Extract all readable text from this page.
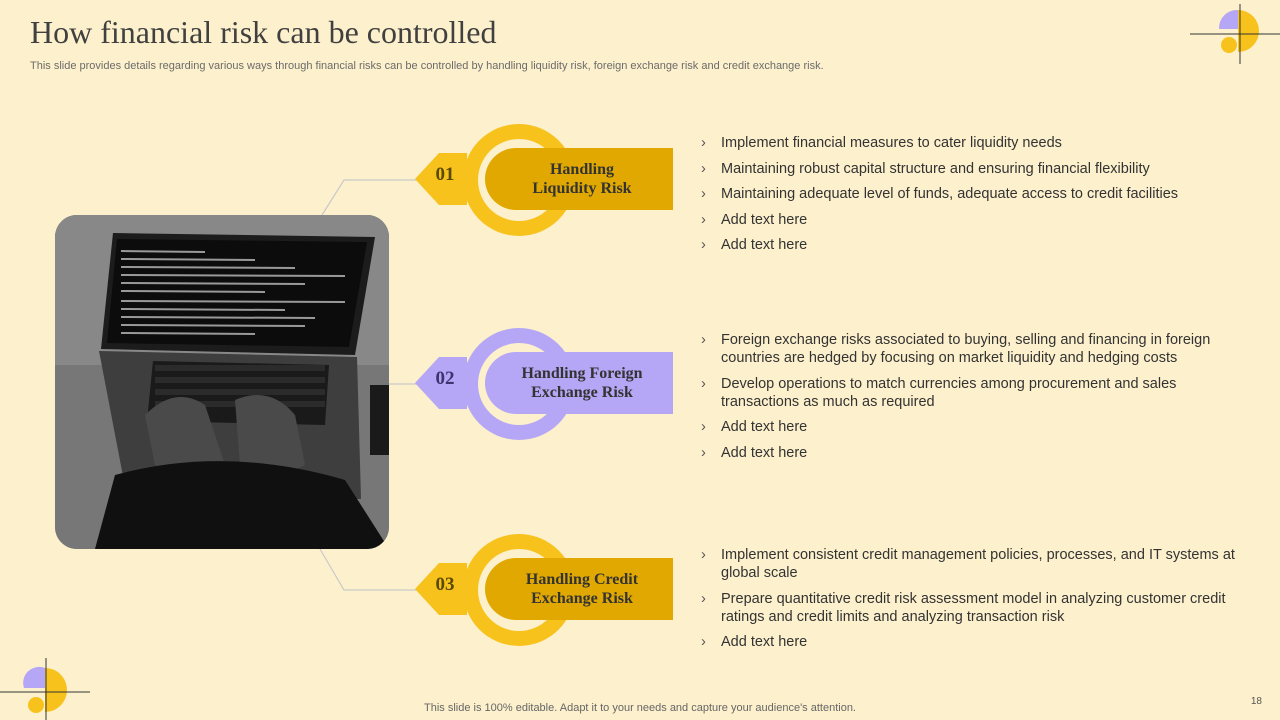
How financial risk can be controlled
This slide provides details regarding various ways through financial risks can be controlled by handling liquidity risk, foreign exchange risk and credit exchange risk.
01	Handling
Liquidity Risk
02	Handling Foreign
Exchange Risk
03	Handling Credit
Exchange Risk
› Implement financial measures to cater liquidity needs
› Maintaining robust capital structure and ensuring financial flexibility
› Maintaining adequate level of funds, adequate access to credit facilities
› Add text here
› Add text here
› Foreign exchange risks associated to buying, selling and financing in foreign countries are hedged by focusing on market liquidity and hedging costs
› Develop operations to match currencies among procurement and sales transactions as much as required
› Add text here
› Add text here
› Implement consistent credit management policies, processes, and IT systems at global scale
› Prepare quantitative credit risk assessment model in analyzing customer credit ratings and credit limits and analyzing transaction risk
› Add text here
This slide is 100% editable. Adapt it to your needs and capture your audience's attention.
18
